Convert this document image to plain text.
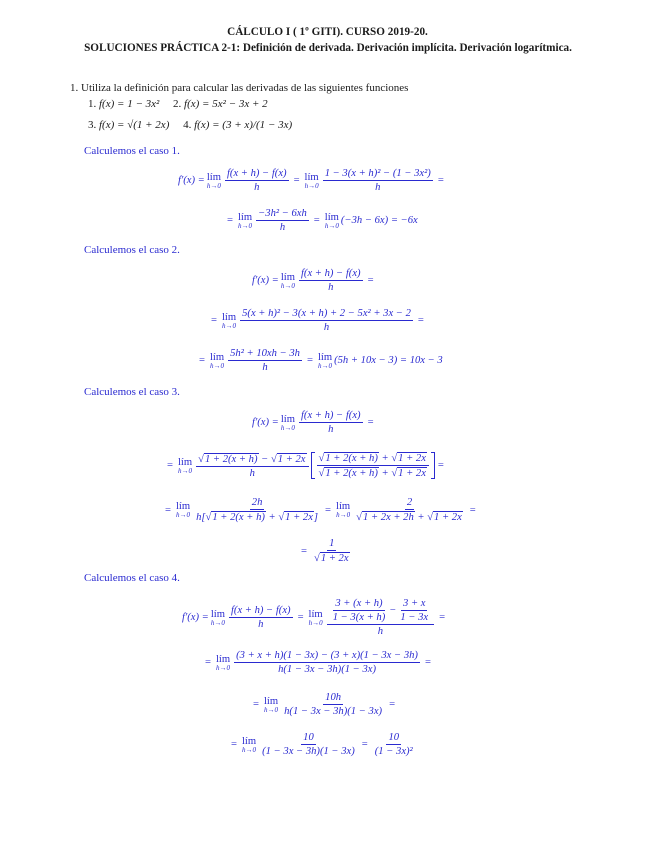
CÁLCULO I ( 1º GITI). CURSO 2019-20.
SOLUCIONES PRÁCTICA 2-1: Definición de derivada. Derivación implícita. Derivación logarítmica.
1. Utiliza la definición para calcular las derivadas de las siguientes funciones
1. f(x) = 1 − 3x² 2. f(x) = 5x² − 3x + 2
3. f(x) = √(1 + 2x) 4. f(x) = (3 + x)/(1 − 3x)
Calculemos el caso 1.
f′(x) = lím
$h\to 0 \frac{f(x + h) - f(x)}{h}$ = lím
$h\to 0 \frac{\text{1 − 3(x + h)² − (1 − 3x²)}}{h}$ =
= lím
$h\to 0 \frac{\text{−3h² − 6xh}}{h}$ = lím
h→0 (−3h − 6x) = −6x
Calculemos el caso 2.
f′(x) = lím
$h\to 0 \frac{f(x + h) - f(x)}{h}$ =
= lím
$h\to 0 \frac{\text{5(x + h)² − 3(x + h) + 2 − 5x² + 3x − 2}}{h}$ =
= lím
$h\to 0 \frac{\text{5h² + 10xh − 3h}}{h}$ = lím
h→0 (5h + 10x − 3) = 10x − 3
Calculemos el caso 3.
f′(x) = lím
$h\to 0 \frac{f(x + h) - f(x)}{h}$ =
= lím
$h\to 0 \frac{√1 + 2(x + h) - √1 + 2x}{h} \frac{√1 + 2(x + h) + √1 + 2x}{√1 + 2(x + h) + √1 + 2x}$ =
= lím
$h\to 0 \frac{2h}{h[√1 + 2(x + h) + √1 + 2x]}$ = lím
$h\to 0 \frac{2}{√1 + 2x + 2h + √1 + 2x}$ =
= $\frac{1}{√1 + 2x}$
Calculemos el caso 4.
f′(x) = lím
$h\to 0 \frac{f(x + h) - f(x)}{h}$ = lím
$h\to 0 \frac{\frac{3 + (x + h)}{1 - 3(x + h)} - \frac{3 + x}{1 - 3x}}{h}$ =
= lím
$h\to 0 \frac{(3 + x + h)(1 - 3x) - (3 + x)(1 - 3x - 3h)}{h(1 - 3x - 3h)(1 - 3x)}$ =
= lím
$h\to 0 \frac{10h}{h(1 - 3x - 3h)(1 - 3x)}$ =
= lím
$h\to 0 \frac{10}{(1 - 3x - 3h)(1 - 3x)} = \frac{10}{\text{(1 − 3x)²}}$
